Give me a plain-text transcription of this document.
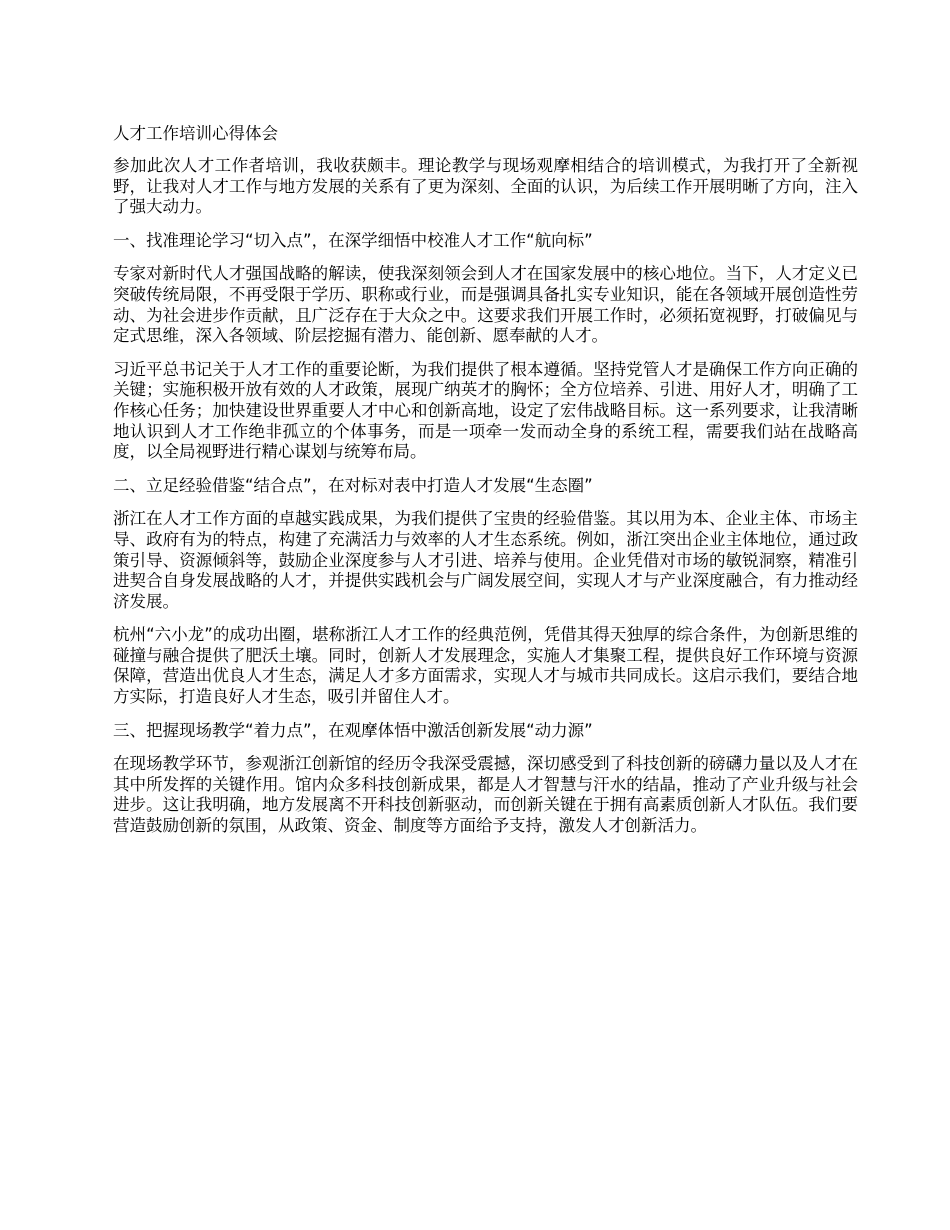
人才工作培训心得体会

参加此次人才工作者培训，我收获颇丰。理论教学与现场观摩相结合的培训模式，为我打开了全新视野，让我对人才工作与地方发展的关系有了更为深刻、全面的认识，为后续工作开展明晰了方向，注入了强大动力。

一、找准理论学习“切入点”，在深学细悟中校准人才工作“航向标”

专家对新时代人才强国战略的解读，使我深刻领会到人才在国家发展中的核心地位。当下，人才定义已突破传统局限，不再受限于学历、职称或行业，而是强调具备扎实专业知识，能在各领域开展创造性劳动、为社会进步作贡献，且广泛存在于大众之中。这要求我们开展工作时，必须拓宽视野，打破偏见与定式思维，深入各领域、阶层挖掘有潜力、能创新、愿奉献的人才。

习近平总书记关于人才工作的重要论断，为我们提供了根本遵循。坚持党管人才是确保工作方向正确的关键；实施积极开放有效的人才政策，展现广纳英才的胸怀；全方位培养、引进、用好人才，明确了工作核心任务；加快建设世界重要人才中心和创新高地，设定了宏伟战略目标。这一系列要求，让我清晰地认识到人才工作绝非孤立的个体事务，而是一项牵一发而动全身的系统工程，需要我们站在战略高度，以全局视野进行精心谋划与统筹布局。

二、立足经验借鉴“结合点”，在对标对表中打造人才发展“生态圈”

浙江在人才工作方面的卓越实践成果，为我们提供了宝贵的经验借鉴。其以用为本、企业主体、市场主导、政府有为的特点，构建了充满活力与效率的人才生态系统。例如，浙江突出企业主体地位，通过政策引导、资源倾斜等，鼓励企业深度参与人才引进、培养与使用。企业凭借对市场的敏锐洞察，精准引进契合自身发展战略的人才，并提供实践机会与广阔发展空间，实现人才与产业深度融合，有力推动经济发展。

杭州“六小龙”的成功出圈，堪称浙江人才工作的经典范例，凭借其得天独厚的综合条件，为创新思维的碰撞与融合提供了肥沃土壤。同时，创新人才发展理念，实施人才集聚工程，提供良好工作环境与资源保障，营造出优良人才生态，满足人才多方面需求，实现人才与城市共同成长。这启示我们，要结合地方实际，打造良好人才生态，吸引并留住人才。

三、把握现场教学“着力点”，在观摩体悟中激活创新发展“动力源”

在现场教学环节，参观浙江创新馆的经历令我深受震撼，深切感受到了科技创新的磅礴力量以及人才在其中所发挥的关键作用。馆内众多科技创新成果，都是人才智慧与汗水的结晶，推动了产业升级与社会进步。这让我明确，地方发展离不开科技创新驱动，而创新关键在于拥有高素质创新人才队伍。我们要营造鼓励创新的氛围，从政策、资金、制度等方面给予支持，激发人才创新活力。
